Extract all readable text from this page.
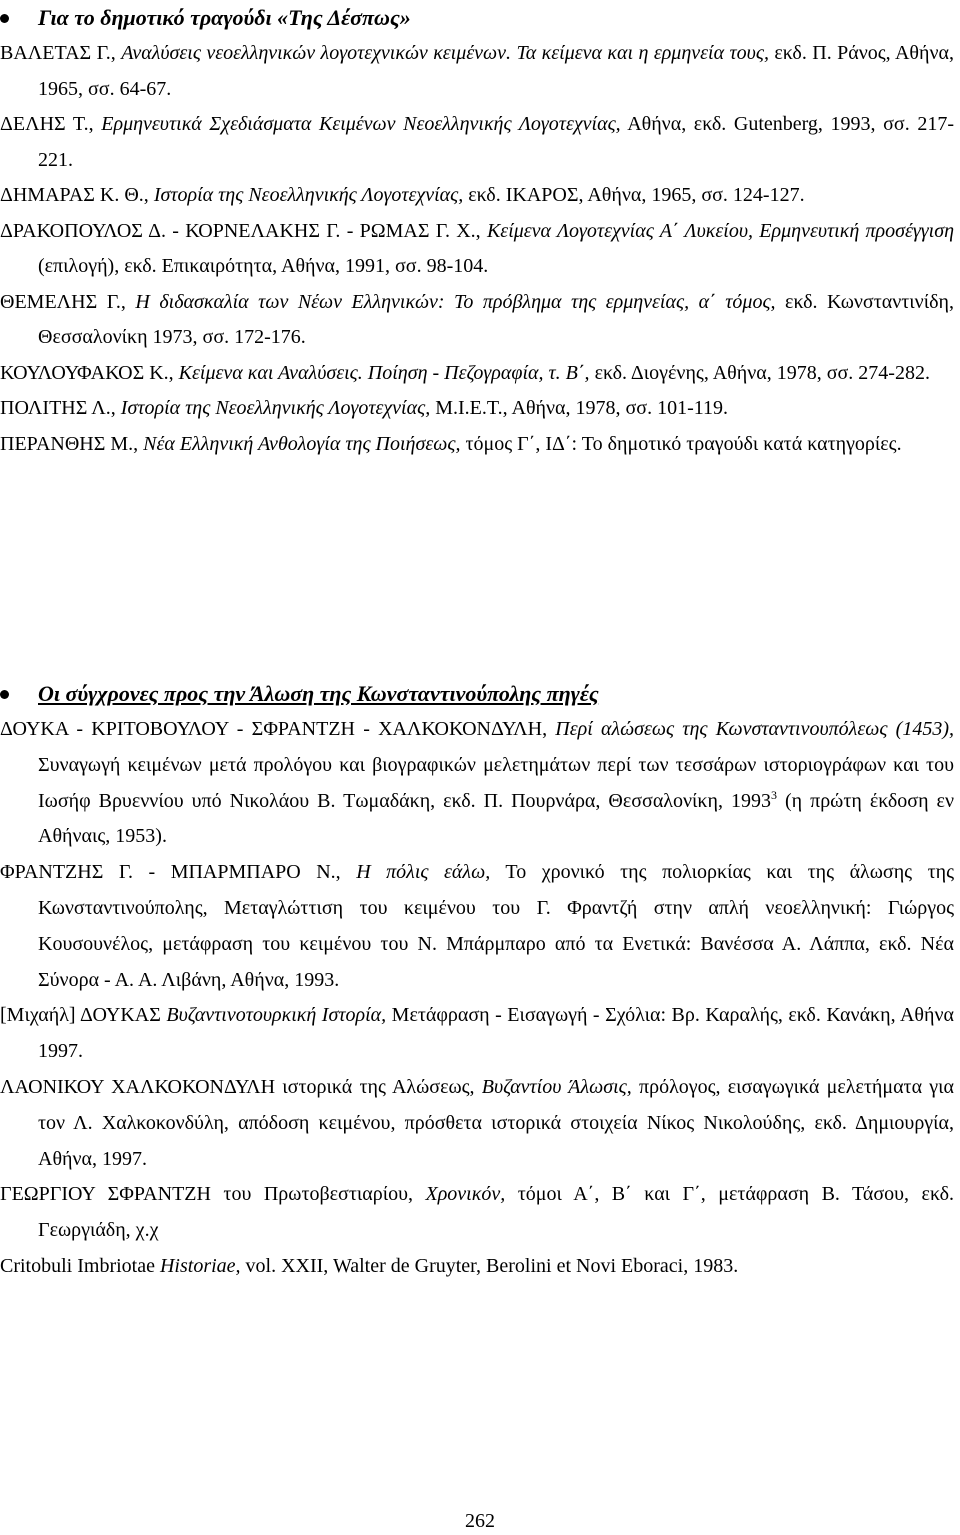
Για το δημοτικό τραγούδι «Της Δέσπως»

ΒΑΛΕΤΑΣ Γ., Αναλύσεις νεοελληνικών λογοτεχνικών κειμένων. Τα κείμενα και η ερμηνεία τους, εκδ. Π. Ράνος, Αθήνα, 1965, σσ. 64-67.

ΔΕΛΗΣ Τ., Ερμηνευτικά Σχεδιάσματα Κειμένων Νεοελληνικής Λογοτεχνίας, Αθήνα, εκδ. Gutenberg, 1993, σσ. 217-221.

ΔΗΜΑΡΑΣ Κ. Θ., Ιστορία της Νεοελληνικής Λογοτεχνίας, εκδ. ΙΚΑΡΟΣ, Αθήνα, 1965, σσ. 124-127.

ΔΡΑΚΟΠΟΥΛΟΣ Δ. - ΚΟΡΝΕΛΑΚΗΣ Γ. - ΡΩΜΑΣ Γ. Χ., Κείμενα Λογοτεχνίας Α΄ Λυκείου, Ερμηνευτική προσέγγιση (επιλογή), εκδ. Επικαιρότητα, Αθήνα, 1991, σσ. 98-104.

ΘΕΜΕΛΗΣ Γ., Η διδασκαλία των Νέων Ελληνικών: Το πρόβλημα της ερμηνείας, α΄ τόμος, εκδ. Κωνσταντινίδη, Θεσσαλονίκη 1973, σσ. 172-176.

ΚΟΥΛΟΥΦΑΚΟΣ Κ., Κείμενα και Αναλύσεις. Ποίηση - Πεζογραφία, τ. Β΄, εκδ. Διογένης, Αθήνα, 1978, σσ. 274-282.

ΠΟΛΙΤΗΣ Λ., Ιστορία της Νεοελληνικής Λογοτεχνίας, Μ.Ι.Ε.Τ., Αθήνα, 1978, σσ. 101-119.

ΠΕΡΑΝΘΗΣ Μ., Νέα Ελληνική Ανθολογία της Ποιήσεως, τόμος Γ΄, ΙΔ΄: Το δημοτικό τραγούδι κατά κατηγορίες.

Οι σύγχρονες προς την Άλωση της Κωνσταντινούπολης πηγές

ΔΟΥΚΑ - ΚΡΙΤΟΒΟΥΛΟΥ - ΣΦΡΑΝΤΖΗ - ΧΑΛΚΟΚΟΝΔΥΛΗ, Περί αλώσεως της Κωνσταντινουπόλεως (1453), Συναγωγή κειμένων μετά προλόγου και βιογραφικών μελετημάτων περί των τεσσάρων ιστοριογράφων και του Ιωσήφ Βρυεννίου υπό Νικολάου Β. Τωμαδάκη, εκδ. Π. Πουρνάρα, Θεσσαλονίκη, 1993$^3$ (η πρώτη έκδοση εν Αθήναις, 1953).

ΦΡΑΝΤΖΗΣ Γ. - ΜΠΑΡΜΠΑΡΟ Ν., Η πόλις εάλω, Το χρονικό της πολιορκίας και της άλωσης της Κωνσταντινούπολης, Μεταγλώττιση του κειμένου του Γ. Φραντζή στην απλή νεοελληνική: Γιώργος Κουσουνέλος, μετάφραση του κειμένου του Ν. Μπάρμπαρο από τα Ενετικά: Βανέσσα Α. Λάππα, εκδ. Νέα Σύνορα - Α. Α. Λιβάνη, Αθήνα, 1993.

[Μιχαήλ] ΔΟΥΚΑΣ Βυζαντινοτουρκική Ιστορία, Μετάφραση - Εισαγωγή - Σχόλια: Βρ. Καραλής, εκδ. Κανάκη, Αθήνα 1997.

ΛΑΟΝΙΚΟΥ ΧΑΛΚΟΚΟΝΔΥΛΗ ιστορικά της Αλώσεως, Βυζαντίου Άλωσις, πρόλογος, εισαγωγικά μελετήματα για τον Λ. Χαλκοκονδύλη, απόδοση κειμένου, πρόσθετα ιστορικά στοιχεία Νίκος Νικολούδης, εκδ. Δημιουργία, Αθήνα, 1997.

ΓΕΩΡΓΙΟΥ ΣΦΡΑΝΤΖΗ του Πρωτοβεστιαρίου, Χρονικόν, τόμοι Α΄, Β΄ και Γ΄, μετάφραση Β. Τάσου, εκδ. Γεωργιάδη, χ.χ

Critobuli Imbriotae Historiae, vol. XXII, Walter de Gruyter, Berolini et Novi Eboraci, 1983.

262
